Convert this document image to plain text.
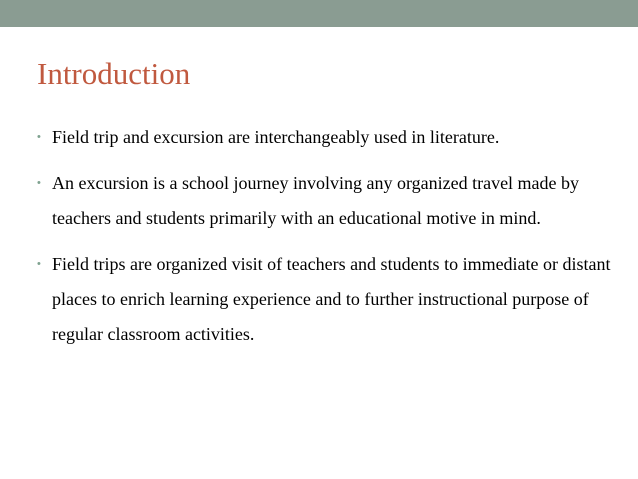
Introduction
• Field trip and excursion are interchangeably used in literature.
• An excursion is a school journey involving any organized travel made by teachers and students primarily with an educational motive in mind.
• Field trips are organized visit of teachers and students to immediate or distant places to enrich learning experience and to further instructional purpose of regular classroom activities.
